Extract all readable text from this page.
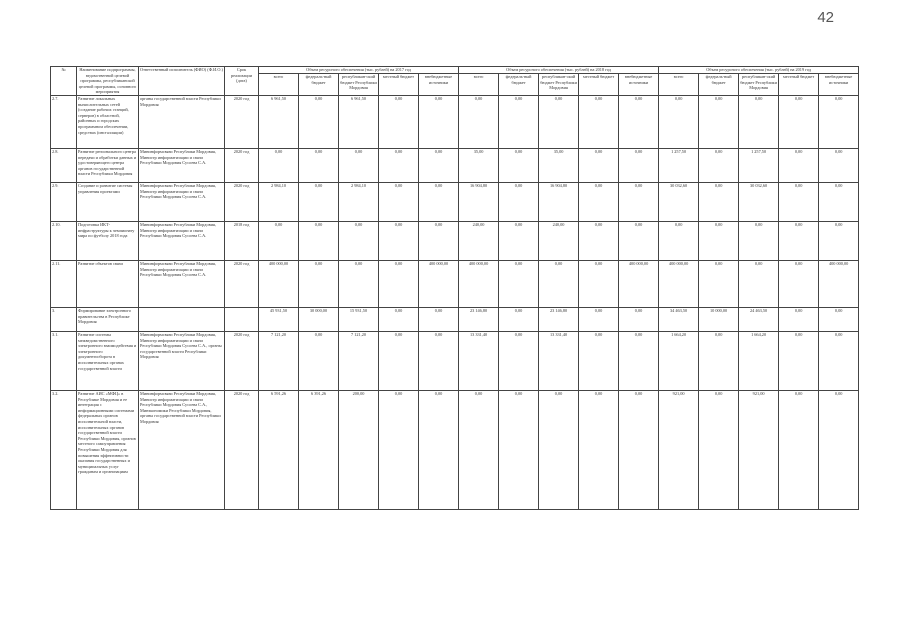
42
№	Наименование подпрограммы, ведомственной целевой программы, республиканской целевой программы, основного мероприятия	Ответственный исполнитель (ФИО) (Ф.И.О.)	Срок реализации (дата)	Объем ресурсного обеспечения (тыс. рублей) на 2017 год					Объем ресурсного обеспечения (тыс. рублей) на 2018 год					Объем ресурсного обеспечения (тыс. рублей) на 2019 год				
				всего	федераль-ный бюджет	республикан-ский бюджет Республики Мордовия	местный бюджет	внебюджетные источники	всего	федераль-ный бюджет	республикан-ский бюджет Республики Мордовия	местный бюджет	внебюджетные источники	всего	федераль-ный бюджет	республикан-ский бюджет Республики Мордовия	местный бюджет	внебюджетные источники
2.7.	Развитие локальных вычислительных сетей (создание рабочих станций, серверов) в областной, районных и городских программном обеспечении, средствах (инсталляции)	органы государственной власти Республики Мордовия	2020 год	6 961,50	0,00	6 961,50	0,00	0,00	0,00	0,00	0,00	0,00	0,00	0,00	0,00	0,00	0,00	0,00
2.8.	Развитие регионального центра передачи и обработки данных и удостоверяющего центра органов государственной власти Республики Мордовия	Мининформсвязи Республики Мордовия, Министр информатизации и связи Республики Мордовия Сусоева С.А.	2020 год	0,00	0,00	0,00	0,00	0,00	35,00	0,00	35,00	0,00	0,00	1 257,50	0,00	1 257,50	0,00	0,00
2.9.	Создание и развитие системы управления проектами	Мининформсвязи Республики Мордовия, Министр информатизации и связи Республики Мордовия Сусоева С.А.	2020 год	2 984,10	0,00	2 984,10	0,00	0,00	16 904,80	0,00	16 904,80	0,00	0,00	30 032,60	0,00	30 032,60	0,00	0,00
2.10.	Подготовка ИКТ-инфраструктуры к чемпионату мира по футболу 2018 года	Мининформсвязи Республики Мордовия, Министр информатизации и связи Республики Мордовия Сусоева С.А.	2018 год	0,00	0,00	0,00	0,00	0,00	240,00	0,00	240,00	0,00	0,00	0,00	0,00	0,00	0,00	0,00
2.11.	Развитие объектов связи	Мининформсвязи Республики Мордовия, Министр информатизации и связи Республики Мордовия Сусоева С.А.	2020 год	400 000,00	0,00	0,00	0,00	400 000,00	400 000,00	0,00	0,00	0,00	400 000,00	400 000,00	0,00	0,00	0,00	400 000,00
3.	Формирование электронного правительства в Республике Мордовия			45 931,50	30 000,00	15 931,50	0,00	0,00	23 146,80	0,00	23 146,80	0,00	0,00	34 463,50	10 000,00	24 463,50	0,00	0,00
3.1.	Развитие системы межведомственного электронного взаимодействия и электронного документооборота в исполнительных органах государственной власти	Мининформсвязи Республики Мордовия, Министр информатизации и связи Республики Мордовия Сусоева С.А., органы государственной власти Республики Мордовия	2020 год	7 121,20	0,00	7 121,20	0,00	0,00	13 331,40	0,00	13 331,40	0,00	0,00	1 664,20	0,00	1 664,20	0,00	0,00
3.2.	Развитие АИС «МФЦ» в Республике Мордовия и ее интеграция с информационными системами федеральных органов исполнительной власти, исполнительных органов государственной власти Республики Мордовия, органов местного самоуправления Республики Мордовия для повышения эффективности оказания государственных и муниципальных услуг гражданам и организациям	Мининформсвязи Республики Мордовия, Министр информатизации и связи Республики Мордовия Сусоева С.А., Минэкономики Республики Мордовия, органы государственной власти Республики Мордовия	2020 год	6 591,26	6 391,26	200,00	0,00	0,00	0,00	0,00	0,00	0,00	0,00	921,00	0,00	921,00	0,00	0,00
